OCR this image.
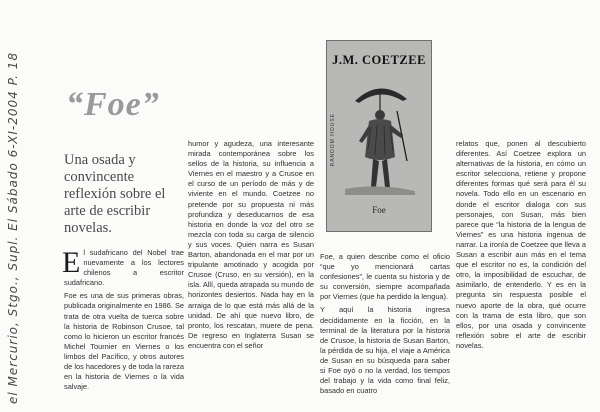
el Mercurio, Stgo., Supl. El Sábado 6-XI-2004 P. 18 “Foe”
Una osada y convincente reflexión sobre el arte de escribir novelas.

El sudafricano del Nobel trae nuevamente a los lectores chilenos a escritor sudafricano.

Foe es una de sus primeras obras, publicada originalmente en 1986. Se trata de otra vuelta de tuerca sobre la historia de Robinson Crusoe, tal como lo hicieron un escritor francés Michel Tournier en Viernes o los limbos del Pacífico, y otros autores de los hacedores y de toda la rareza en la historia de Viernes o la vida salvaje.

humor y agudeza, una interesante mirada contemporánea sobre los sellos de la historia, su influencia a Viernes en el maestro y a Crusoe en el curso de un período de más y de viviente en el mundo. Coetzee no pretende por su propuesta ni más profundiza y deseducarnos de esa historia en donde la voz del otro se mezcla con toda su carga de silencio y sus voces. Quien narra es Susan Barton, abandonada en el mar por un tripulante amotinado y acogida por Crusoe (Cruso, en su versión), en la isla. Allí, queda atrapada su mundo de horizontes desiertos. Nada hay en la arraiga de lo que está más allá de la unidad. De ahí que nuevo libro, de pronto, los rescatan, muere de pena. De regreso en Inglaterra Susan se encuentra con el señor

J.M. COETZEE
RANDOM HOUSE
Foe

Foe, a quien describe como el oficio “que yo mencionará cartas confesiones”, le cuenta su historia y de su conversión, siempre acompañada por Viernes (que ha perdido la lengua).

Y aquí la historia ingresa decididamente en la ficción, en la terminal de la literatura por la historia de Crusoe, la historia de Susan Barton, la pérdida de su hija, el viaje a América de Susan en su búsqueda para saber si Foe oyó o no la verdad, los tiempos del trabajo y la vida como final feliz, basado en cuatro

relatos que, ponen al descubierto diferentes. Así Coetzee explora un alternativas de la historia, en cómo un escritor selecciona, retiene y propone diferentes formas qué será para él su novela. Todo ello en un escenario en donde el escritor dialoga con sus personajes, con Susan, más bien parece que “la historia de la lengua de Viernes” es una historia ingenua de narrar. La ironía de Coetzee que lleva a Susan a escribir aun más en el tema que el escritor no es, la condición del otro, la imposibilidad de escuchar, de asimilarlo, de entenderlo. Y es en la pregunta sin respuesta posible el nuevo aporte de la obra, qué ocurre con la trama de esta libro, que son ellos, por una osada y convincente reflexión sobre el arte de escribir novelas.
